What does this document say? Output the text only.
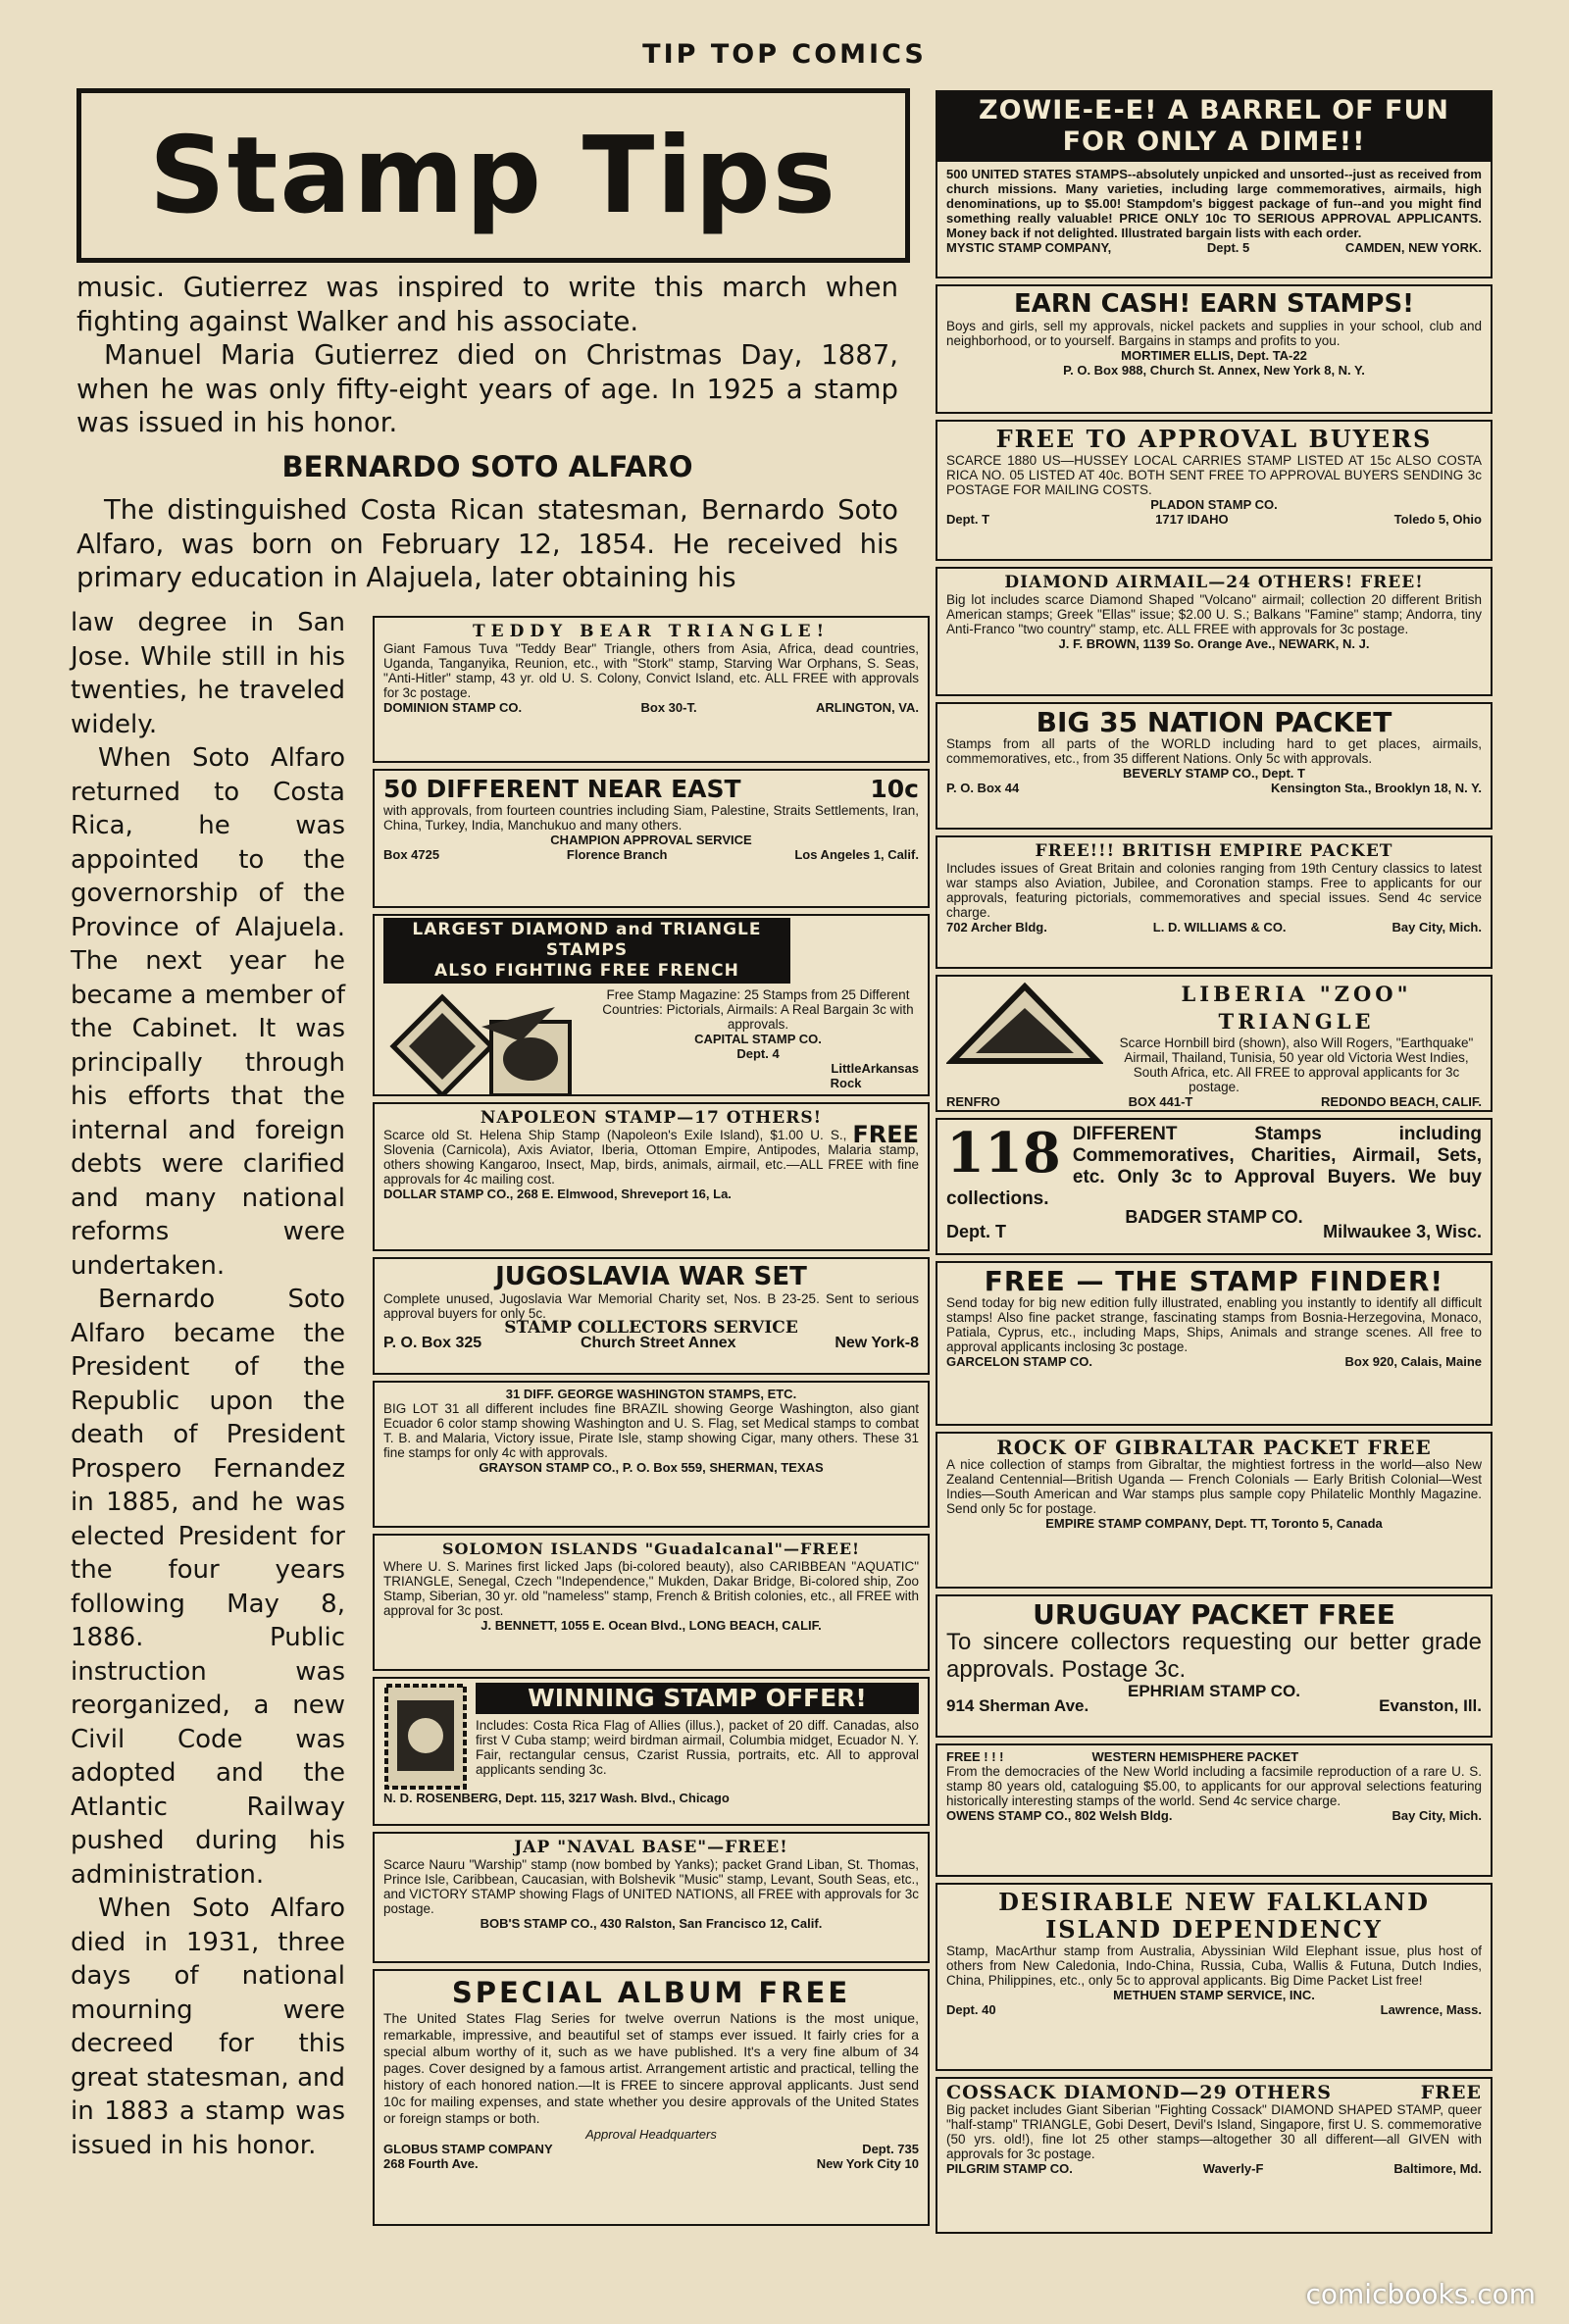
TIP TOP COMICS
Stamp Tips

music. Gutierrez was inspired to write this march when fighting against Walker and his associate.

Manuel Maria Gutierrez died on Christmas Day, 1887, when he was only fifty-eight years of age. In 1925 a stamp was issued in his honor.

BERNARDO SOTO ALFARO

The distinguished Costa Rican statesman, Bernardo Soto Alfaro, was born on February 12, 1854. He received his primary education in Alajuela, later obtaining his

law degree in San Jose. While still in his twenties, he traveled widely.

When Soto Alfaro returned to Costa Rica, he was appointed to the governorship of the Province of Alajuela. The next year he became a member of the Cabinet. It was principally through his efforts that the internal and foreign debts were clarified and many national reforms were undertaken.

Bernardo Soto Alfaro became the President of the Republic upon the death of President Prospero Fernandez in 1885, and he was elected President for the four years following May 8, 1886. Public instruction was reorganized, a new Civil Code was adopted and the Atlantic Railway pushed during his administration.

When Soto Alfaro died in 1931, three days of national mourning were decreed for this great statesman, and in 1883 a stamp was issued in his honor.

TEDDY BEAR TRIANGLE!
Giant Famous Tuva "Teddy Bear" Triangle, others from Asia, Africa, dead countries, Uganda, Tanganyika, Reunion, etc., with "Stork" stamp, Starving War Orphans, S. Seas, "Anti-Hitler" stamp, 43 yr. old U. S. Colony, Convict Island, etc. ALL FREE with approvals for 3c postage.
DOMINION STAMP CO.	Box 30-T.	ARLINGTON, VA.
50 DIFFERENT NEAR EAST	10c
with approvals, from fourteen countries including Siam, Palestine, Straits Settlements, Iran, China, Turkey, India, Manchukuo and many others.
CHAMPION APPROVAL SERVICE
Box 4725	Florence Branch	Los Angeles 1, Calif.
LARGEST DIAMOND and TRIANGLE STAMPS
ALSO FIGHTING FREE FRENCH
Free Stamp Magazine: 25 Stamps from 25 Different Countries: Pictorials, Airmails: A Real Bargain 3c with approvals.
CAPITAL STAMP CO.
Dept. 4
Little Rock
Arkansas
NAPOLEON STAMP—17 OTHERS!
FREE
Scarce old St. Helena Ship Stamp (Napoleon's Exile Island), $1.00 U. S., Slovenia (Carnicola), Axis Aviator, Iberia, Ottoman Empire, Antipodes, Malaria stamp, others showing Kangaroo, Insect, Map, birds, animals, airmail, etc.—ALL FREE with fine approvals for 4c mailing cost.
DOLLAR STAMP CO., 268 E. Elmwood, Shreveport 16, La.
JUGOSLAVIA WAR SET
Complete unused, Jugoslavia War Memorial Charity set, Nos. B 23-25. Sent to serious approval buyers for only 5c.
STAMP COLLECTORS SERVICE
P. O. Box 325	Church Street Annex	New York-8
31 DIFF. GEORGE WASHINGTON STAMPS, ETC.
BIG LOT 31 all different includes fine BRAZIL showing George Washington, also giant Ecuador 6 color stamp showing Washington and U. S. Flag, set Medical stamps to combat T. B. and Malaria, Victory issue, Pirate Isle, stamp showing Cigar, many others. These 31 fine stamps for only 4c with approvals.
GRAYSON STAMP CO., P. O. Box 559, SHERMAN, TEXAS
SOLOMON ISLANDS "Guadalcanal"—FREE!
Where U. S. Marines first licked Japs (bi-colored beauty), also CARIBBEAN "AQUATIC" TRIANGLE, Senegal, Czech "Independence," Mukden, Dakar Bridge, Bi-colored ship, Zoo Stamp, Siberian, 30 yr. old "nameless" stamp, French & British colonies, etc., all FREE with approval for 3c post.
J. BENNETT, 1055 E. Ocean Blvd., LONG BEACH, CALIF.
WINNING STAMP OFFER!
Includes: Costa Rica Flag of Allies (illus.), packet of 20 diff. Canadas, also first V Cuba stamp; weird birdman airmail, Columbia midget, Ecuador N. Y. Fair, rectangular census, Czarist Russia, portraits, etc. All to approval applicants sending 3c.
N. D. ROSENBERG, Dept. 115, 3217 Wash. Blvd., Chicago
JAP "NAVAL BASE"—FREE!
Scarce Nauru "Warship" stamp (now bombed by Yanks); packet Grand Liban, St. Thomas, Prince Isle, Caribbean, Caucasian, with Bolshevik "Music" stamp, Levant, South Seas, etc., and VICTORY STAMP showing Flags of UNITED NATIONS, all FREE with approvals for 3c postage.
BOB'S STAMP CO., 430 Ralston, San Francisco 12, Calif.
SPECIAL ALBUM FREE
The United States Flag Series for twelve overrun Nations is the most unique, remarkable, impressive, and beautiful set of stamps ever issued. It fairly cries for a special album worthy of it, such as we have published. It's a very fine album of 34 pages. Cover designed by a famous artist. Arrangement artistic and practical, telling the history of each honored nation.—It is FREE to sincere approval applicants. Just send 10c for mailing expenses, and state whether you desire approvals of the United States or foreign stamps or both.
Approval Headquarters
GLOBUS STAMP COMPANY	Dept. 735
268 Fourth Ave.	New York City 10
ZOWIE-E-E! A BARREL OF FUN
FOR ONLY A DIME!!
500 UNITED STATES STAMPS--absolutely unpicked and unsorted--just as received from church missions. Many varieties, including large commemoratives, airmails, high denominations, up to $5.00! Stampdom's biggest package of fun--and you might find something really valuable! PRICE ONLY 10c TO SERIOUS APPROVAL APPLICANTS. Money back if not delighted. Illustrated bargain lists with each order.
MYSTIC STAMP COMPANY,	Dept. 5	CAMDEN, NEW YORK.
EARN CASH! EARN STAMPS!
Boys and girls, sell my approvals, nickel packets and supplies in your school, club and neighborhood, or to yourself. Bargains in stamps and profits to you.
MORTIMER ELLIS, Dept. TA-22
P. O. Box 988, Church St. Annex, New York 8, N. Y.
FREE TO APPROVAL BUYERS
SCARCE 1880 US—HUSSEY LOCAL CARRIES STAMP LISTED AT 15c ALSO COSTA RICA NO. 05 LISTED AT 40c. BOTH SENT FREE TO APPROVAL BUYERS SENDING 3c POSTAGE FOR MAILING COSTS.
PLADON STAMP CO.
Dept. T	1717 IDAHO	Toledo 5, Ohio
DIAMOND AIRMAIL—24 OTHERS! FREE!
Big lot includes scarce Diamond Shaped "Volcano" airmail; collection 20 different British American stamps; Greek "Ellas" issue; $2.00 U. S.; Balkans "Famine" stamp; Andorra, tiny Anti-Franco "two country" stamp, etc. ALL FREE with approvals for 3c postage.
J. F. BROWN, 1139 So. Orange Ave., NEWARK, N. J.
BIG 35 NATION PACKET
Stamps from all parts of the WORLD including hard to get places, airmails, commemoratives, etc., from 35 different Nations. Only 5c with approvals.
BEVERLY STAMP CO., Dept. T
P. O. Box 44	Kensington Sta., Brooklyn 18, N. Y.
FREE!!! BRITISH EMPIRE PACKET
Includes issues of Great Britain and colonies ranging from 19th Century classics to latest war stamps also Aviation, Jubilee, and Coronation stamps. Free to applicants for our approvals, featuring pictorials, commemoratives and special issues. Send 4c service charge.
702 Archer Bldg.	L. D. WILLIAMS & CO.	Bay City, Mich.
LIBERIA "ZOO" TRIANGLE
Scarce Hornbill bird (shown), also Will Rogers, "Earthquake" Airmail, Thailand, Tunisia, 50 year old Victoria West Indies, South Africa, etc. All FREE to approval applicants for 3c postage.
RENFRO	BOX 441-T	REDONDO BEACH, CALIF.
118 DIFFERENT Stamps including Commemoratives, Charities, Airmail, Sets, etc. Only 3c to Approval Buyers. We buy collections.
BADGER STAMP CO.
Dept. T	Milwaukee 3, Wisc.
FREE — THE STAMP FINDER!
Send today for big new edition fully illustrated, enabling you instantly to identify all difficult stamps! Also fine packet strange, fascinating stamps from Bosnia-Herzegovina, Monaco, Patiala, Cyprus, etc., including Maps, Ships, Animals and strange scenes. All free to approval applicants inclosing 3c postage.
GARCELON STAMP CO.	Box 920, Calais, Maine
ROCK OF GIBRALTAR PACKET FREE
A nice collection of stamps from Gibraltar, the mightiest fortress in the world—also New Zealand Centennial—British Uganda — French Colonials — Early British Colonial—West Indies—South American and War stamps plus sample copy Philatelic Monthly Magazine. Send only 5c for postage.
EMPIRE STAMP COMPANY, Dept. TT, Toronto 5, Canada
URUGUAY PACKET FREE
To sincere collectors requesting our better grade approvals. Postage 3c.
EPHRIAM STAMP CO.
914 Sherman Ave.	Evanston, Ill.
FREE ! ! !	WESTERN HEMISPHERE PACKET
From the democracies of the New World including a facsimile reproduction of a rare U. S. stamp 80 years old, cataloguing $5.00, to applicants for our approval selections featuring historically interesting stamps of the world. Send 4c service charge.
OWENS STAMP CO., 802 Welsh Bldg.	Bay City, Mich.
DESIRABLE NEW FALKLAND
ISLAND DEPENDENCY
Stamp, MacArthur stamp from Australia, Abyssinian Wild Elephant issue, plus host of others from New Caledonia, Indo-China, Russia, Cuba, Wallis & Futuna, Dutch Indies, China, Philippines, etc., only 5c to approval applicants. Big Dime Packet List free!
METHUEN STAMP SERVICE, INC.
Dept. 40	Lawrence, Mass.
COSSACK DIAMOND—29 OTHERS	FREE
Big packet includes Giant Siberian "Fighting Cossack" DIAMOND SHAPED STAMP, queer "half-stamp" TRIANGLE, Gobi Desert, Devil's Island, Singapore, first U. S. commemorative (50 yrs. old!), fine lot 25 other stamps—altogether 30 all different—all GIVEN with approvals for 3c postage.
PILGRIM STAMP CO.	Waverly-F	Baltimore, Md.
comicbooks.com
